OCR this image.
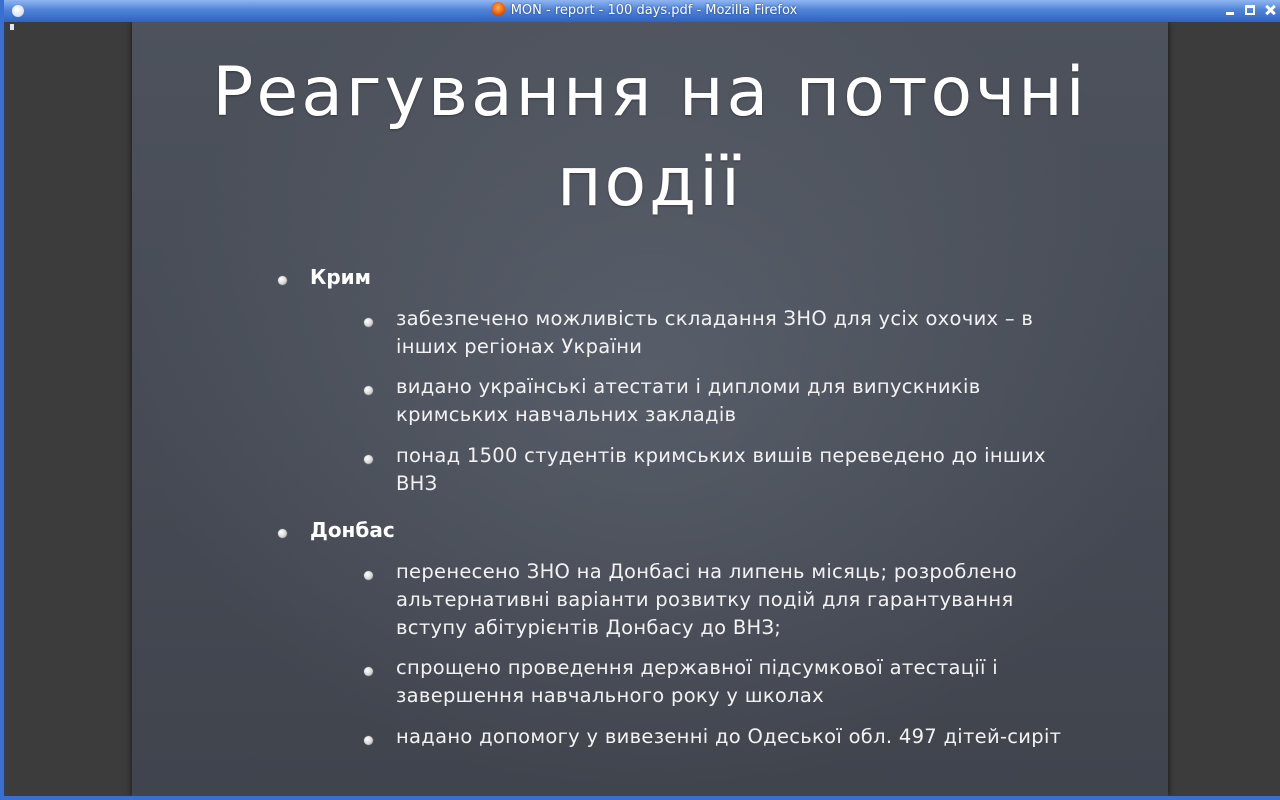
MON - report - 100 days.pdf - Mozilla Firefox

Реагування на поточні події
Крим
забезпечено можливість складання ЗНО для усіх охочих – в інших регіонах України
видано українські атестати і дипломи для випускників кримських навчальних закладів
понад 1500 студентів кримських вишів переведено до інших ВНЗ
Донбас
перенесено ЗНО на Донбасі на липень місяць; розроблено альтернативні варіанти розвитку подій для гарантування вступу абітурієнтів Донбасу до ВНЗ;
спрощено проведення державної підсумкової атестації і завершення навчального року у школах
надано допомогу у вивезенні до Одеської обл. 497 дітей-сиріт
